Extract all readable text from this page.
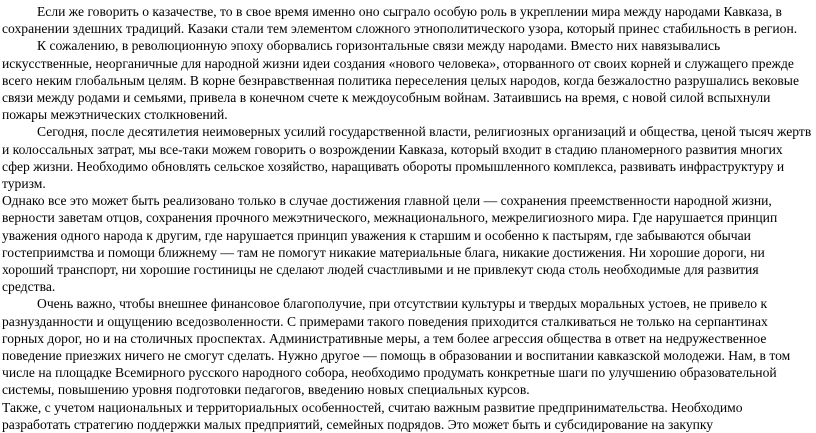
Если же говорить о казачестве, то в свое время именно оно сыграло особую роль в укреплении мира между народами Кавказа, в сохранении здешних традиций. Казаки стали тем элементом сложного этнополитического узора, который принес стабильность в регион.

К сожалению, в революционную эпоху оборвались горизонтальные связи между народами. Вместо них навязывались искусственные, неорганичные для народной жизни идеи создания «нового человека», оторванного от своих корней и служащего прежде всего неким глобальным целям. В корне безнравственная политика переселения целых народов, когда безжалостно разрушались вековые связи между родами и семьями, привела в конечном счете к междоусобным войнам. Затаившись на время, с новой силой вспыхнули пожары межэтнических столкновений.

Сегодня, после десятилетия неимоверных усилий государственной власти, религиозных организаций и общества, ценой тысяч жертв и колоссальных затрат, мы все-таки можем говорить о возрождении Кавказа, который входит в стадию планомерного развития многих сфер жизни. Необходимо обновлять сельское хозяйство, наращивать обороты промышленного комплекса, развивать инфраструктуру и туризм.

Однако все это может быть реализовано только в случае достижения главной цели — сохранения преемственности народной жизни, верности заветам отцов, сохранения прочного межэтнического, межнационального, межрелигиозного мира. Где нарушается принцип уважения одного народа к другим, где нарушается принцип уважения к старшим и особенно к пастырям, где забываются обычаи гостеприимства и помощи ближнему — там не помогут никакие материальные блага, никакие достижения. Ни хорошие дороги, ни хороший транспорт, ни хорошие гостиницы не сделают людей счастливыми и не привлекут сюда столь необходимые для развития средства.

Очень важно, чтобы внешнее финансовое благополучие, при отсутствии культуры и твердых моральных устоев, не привело к разнузданности и ощущению вседозволенности. С примерами такого поведения приходится сталкиваться не только на серпантинах горных дорог, но и на столичных проспектах. Административные меры, а тем более агрессия общества в ответ на недружественное поведение приезжих ничего не смогут сделать. Нужно другое — помощь в образовании и воспитании кавказской молодежи. Нам, в том числе на площадке Всемирного русского народного собора, необходимо продумать конкретные шаги по улучшению образовательной системы, повышению уровня подготовки педагогов, введению новых специальных курсов.

Также, с учетом национальных и территориальных особенностей, считаю важным развитие предпринимательства. Необходимо разработать стратегию поддержки малых предприятий, семейных подрядов. Это может быть и субсидирование на закупку
